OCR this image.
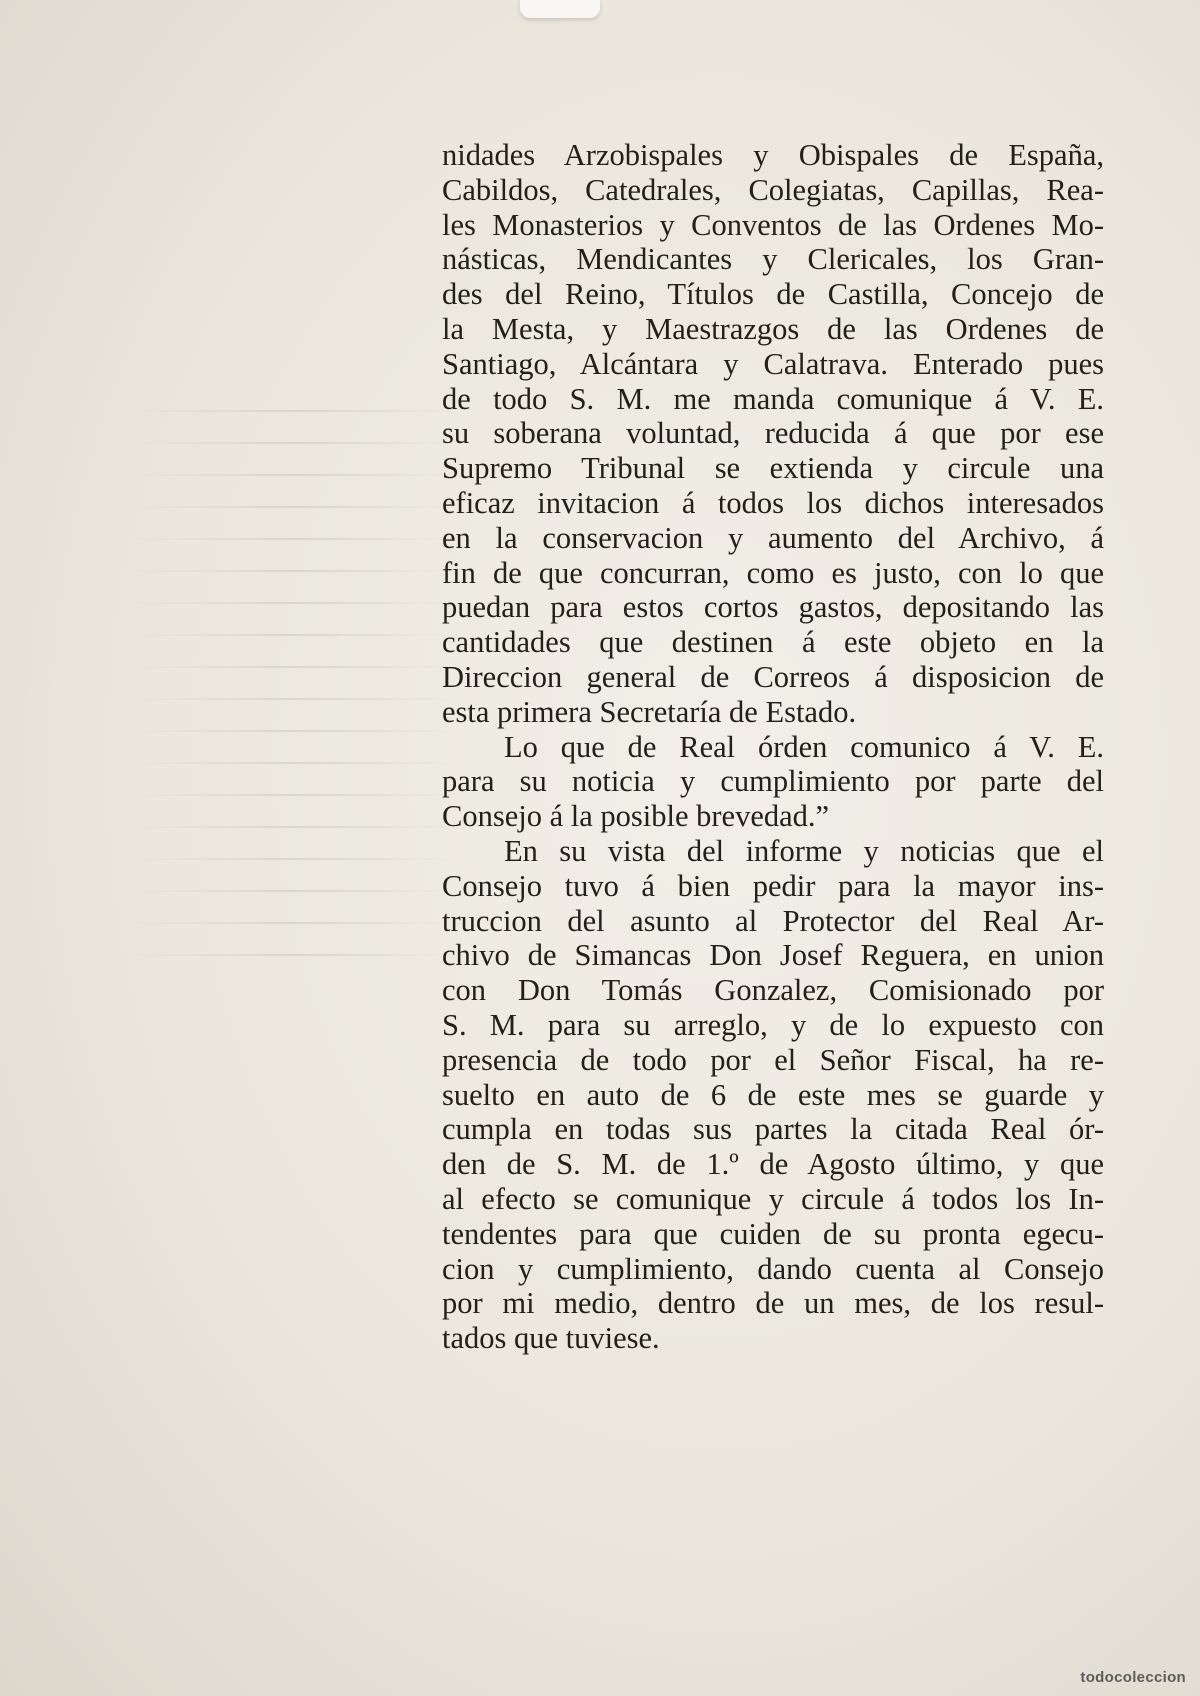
nidades Arzobispales y Obispales de España,
Cabildos, Catedrales, Colegiatas, Capillas, Rea-
les Monasterios y Conventos de las Ordenes Mo-
násticas, Mendicantes y Clericales, los Gran-
des del Reino, Títulos de Castilla, Concejo de
la Mesta, y Maestrazgos de las Ordenes de
Santiago, Alcántara y Calatrava. Enterado pues
de todo S. M. me manda comunique á V. E.
su soberana voluntad, reducida á que por ese
Supremo Tribunal se extienda y circule una
eficaz invitacion á todos los dichos interesados
en la conservacion y aumento del Archivo, á
fin de que concurran, como es justo, con lo que
puedan para estos cortos gastos, depositando las
cantidades que destinen á este objeto en la
Direccion general de Correos á disposicion de
esta primera Secretaría de Estado.
Lo que de Real órden comunico á V. E.
para su noticia y cumplimiento por parte del
Consejo á la posible brevedad.”
En su vista del informe y noticias que el
Consejo tuvo á bien pedir para la mayor ins-
truccion del asunto al Protector del Real Ar-
chivo de Simancas Don Josef Reguera, en union
con Don Tomás Gonzalez, Comisionado por
S. M. para su arreglo, y de lo expuesto con
presencia de todo por el Señor Fiscal, ha re-
suelto en auto de 6 de este mes se guarde y
cumpla en todas sus partes la citada Real ór-
den de S. M. de 1.º de Agosto último, y que
al efecto se comunique y circule á todos los In-
tendentes para que cuiden de su pronta egecu-
cion y cumplimiento, dando cuenta al Consejo
por mi medio, dentro de un mes, de los resul-
tados que tuviese.
todocoleccion
